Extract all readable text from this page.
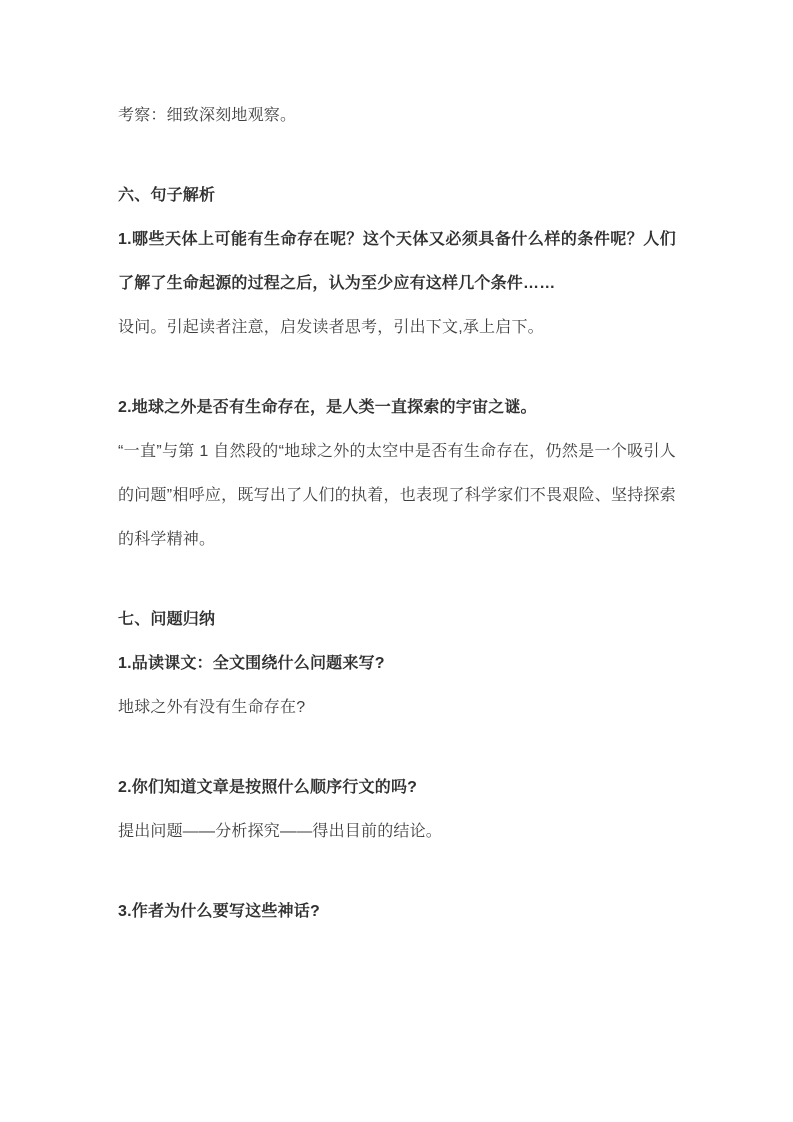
考察：细致深刻地观察。

六、句子解析

1.哪些天体上可能有生命存在呢？这个天体又必须具备什么样的条件呢？人们了解了生命起源的过程之后，认为至少应有这样几个条件……

设问。引起读者注意，启发读者思考，引出下文,承上启下。

2.地球之外是否有生命存在，是人类一直探索的宇宙之谜。

“一直”与第 1 自然段的“地球之外的太空中是否有生命存在，仍然是一个吸引人的问题”相呼应，既写出了人们的执着，也表现了科学家们不畏艰险、坚持探索的科学精神。

七、问题归纳

1.品读课文：全文围绕什么问题来写?

地球之外有没有生命存在?

2.你们知道文章是按照什么顺序行文的吗?

提出问题——分析探究——得出目前的结论。

3.作者为什么要写这些神话?
